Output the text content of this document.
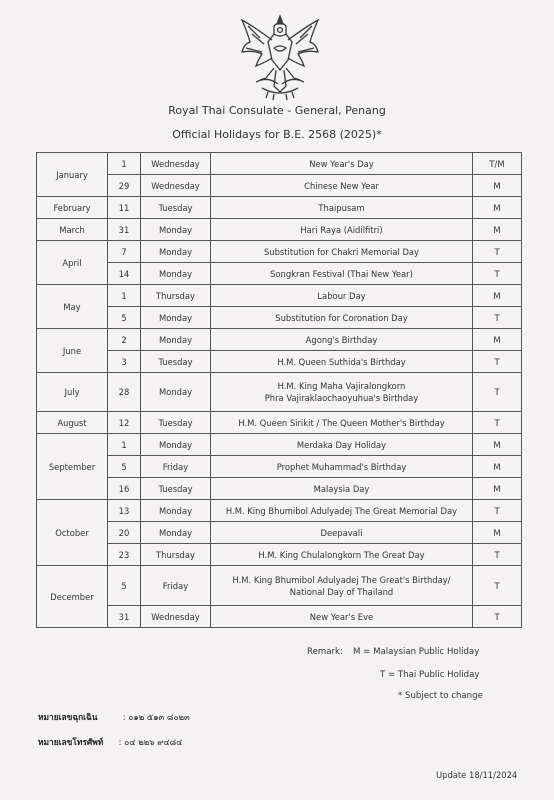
Royal Thai Consulate - General, Penang
Official Holidays for B.E. 2568 (2025)*
January	1	Wednesday	New Year's Day	T/M
	29	Wednesday	Chinese New Year	M
February	11	Tuesday	Thaipusam	M
March	31	Monday	Hari Raya (Aidilfitri)	M
April	7	Monday	Substitution for Chakri Memorial Day	T
	14	Monday	Songkran Festival (Thai New Year)	T
May	1	Thursday	Labour Day	M
	5	Monday	Substitution for Coronation Day	T
June	2	Monday	Agong's Birthday	M
	3	Tuesday	H.M. Queen Suthida's Birthday	T
July	28	Monday	H.M. King Maha Vajiralongkorn
Phra Vajiraklaochaoyuhua's Birthday	T
August	12	Tuesday	H.M. Queen Sirikit / The Queen Mother's Birthday	T
September	1	Monday	Merdaka Day Holiday	M
	5	Friday	Prophet Muhammad's Birthday	M
	16	Tuesday	Malaysia Day	M
October	13	Monday	H.M. King Bhumibol Adulyadej The Great Memorial Day	T
	20	Monday	Deepavali	M
	23	Thursday	H.M. King Chulalongkorn The Great Day	T
December	5	Friday	H.M. King Bhumibol Adulyadej The Great's Birthday/
National Day of Thailand	T
	31	Wednesday	New Year's Eve	T
Remark: M = Malaysian Public Holiday
T = Thai Public Holiday
* Subject to change
หมายเลขฉุกเฉิน	: ๐๑๒ ๕๑๓ ๘๐๒๓
หมายเลขโทรศัพท์ : ๐๔ ๒๒๖ ๙๔๘๔
Update 18/11/2024
